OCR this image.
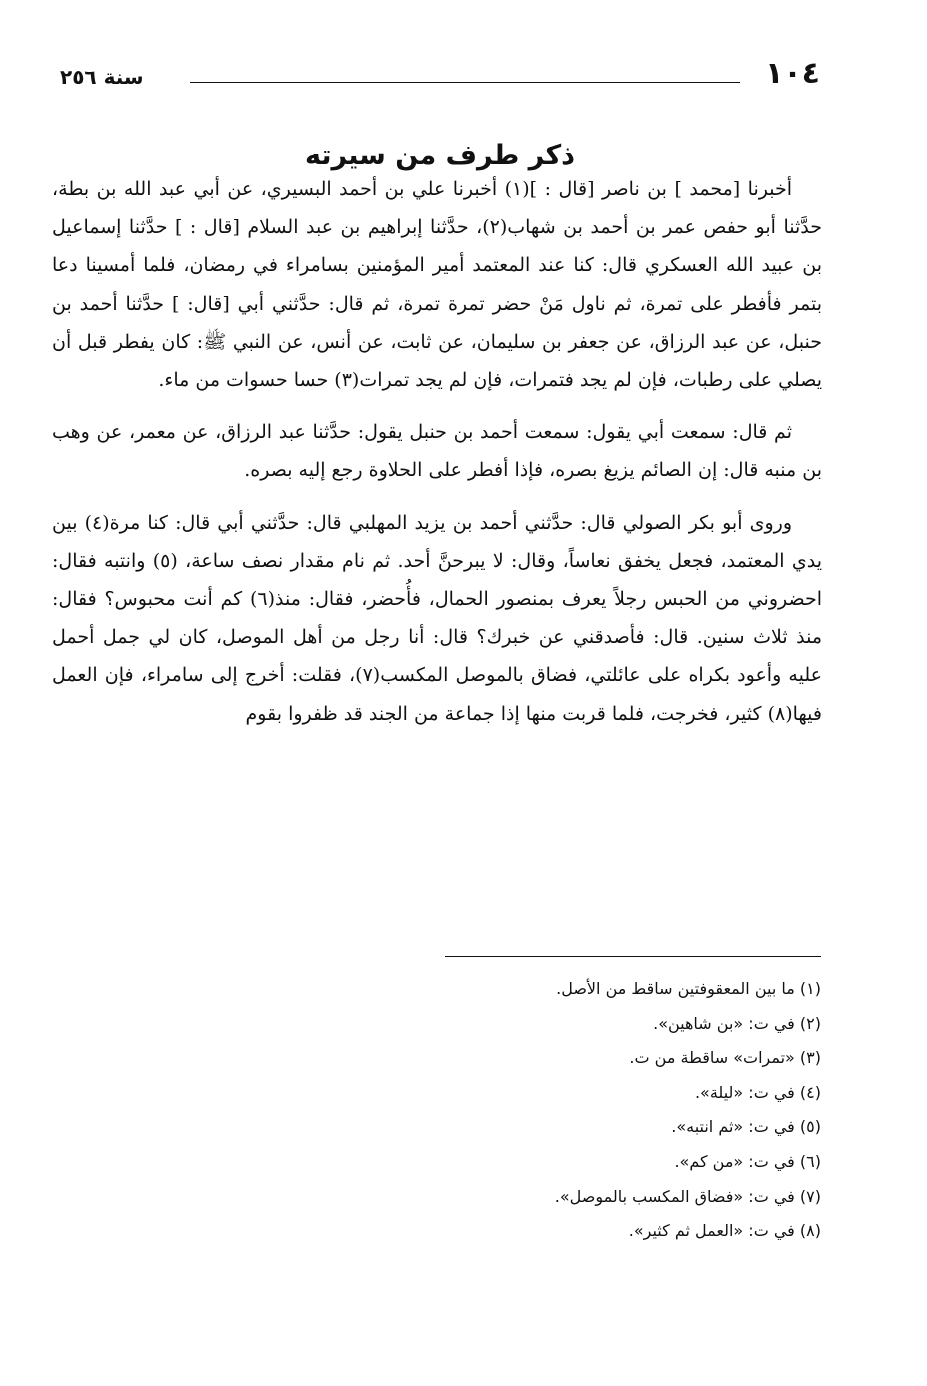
١٠٤
سنة ٢٥٦
ذكر طرف من سيرته

أخبرنا [محمد ] بن ناصر [قال : ](١) أخبرنا علي بن أحمد البسيري، عن أبي عبد الله بن بطة، حدَّثنا أبو حفص عمر بن أحمد بن شهاب(٢)، حدَّثنا إبراهيم بن عبد السلام [قال : ] حدَّثنا إسماعيل بن عبيد الله العسكري قال: كنا عند المعتمد أمير المؤمنين بسامراء في رمضان، فلما أمسينا دعا بتمر فأفطر على تمرة، ثم ناول مَنْ حضر تمرة تمرة، ثم قال: حدَّثني أبي [قال: ] حدَّثنا أحمد بن حنبل، عن عبد الرزاق، عن جعفر بن سليمان، عن ثابت، عن أنس، عن النبي ﷺ: كان يفطر قبل أن يصلي على رطبات، فإن لم يجد فتمرات، فإن لم يجد تمرات(٣) حسا حسوات من ماء.

ثم قال: سمعت أبي يقول: سمعت أحمد بن حنبل يقول: حدَّثنا عبد الرزاق، عن معمر، عن وهب بن منبه قال: إن الصائم يزيغ بصره، فإذا أفطر على الحلاوة رجع إليه بصره.

وروى أبو بكر الصولي قال: حدَّثني أحمد بن يزيد المهلبي قال: حدَّثني أبي قال: كنا مرة(٤) بين يدي المعتمد، فجعل يخفق نعاساً، وقال: لا يبرحنَّ أحد. ثم نام مقدار نصف ساعة، (٥) وانتبه فقال: احضروني من الحبس رجلاً يعرف بمنصور الحمال، فأُحضر، فقال: منذ(٦) كم أنت محبوس؟ فقال: منذ ثلاث سنين. قال: فأصدقني عن خبرك؟ قال: أنا رجل من أهل الموصل، كان لي جمل أحمل عليه وأعود بكراه على عائلتي، فضاق بالموصل المكسب(٧)، فقلت: أخرج إلى سامراء، فإن العمل فيها(٨) كثير، فخرجت، فلما قربت منها إذا جماعة من الجند قد ظفروا بقوم

(١) ما بين المعقوفتين ساقط من الأصل.
(٢) في ت: «بن شاهين».
(٣) «تمرات» ساقطة من ت.
(٤) في ت: «ليلة».
(٥) في ت: «ثم انتبه».
(٦) في ت: «من كم».
(٧) في ت: «فضاق المكسب بالموصل».
(٨) في ت: «العمل ثم كثير».
